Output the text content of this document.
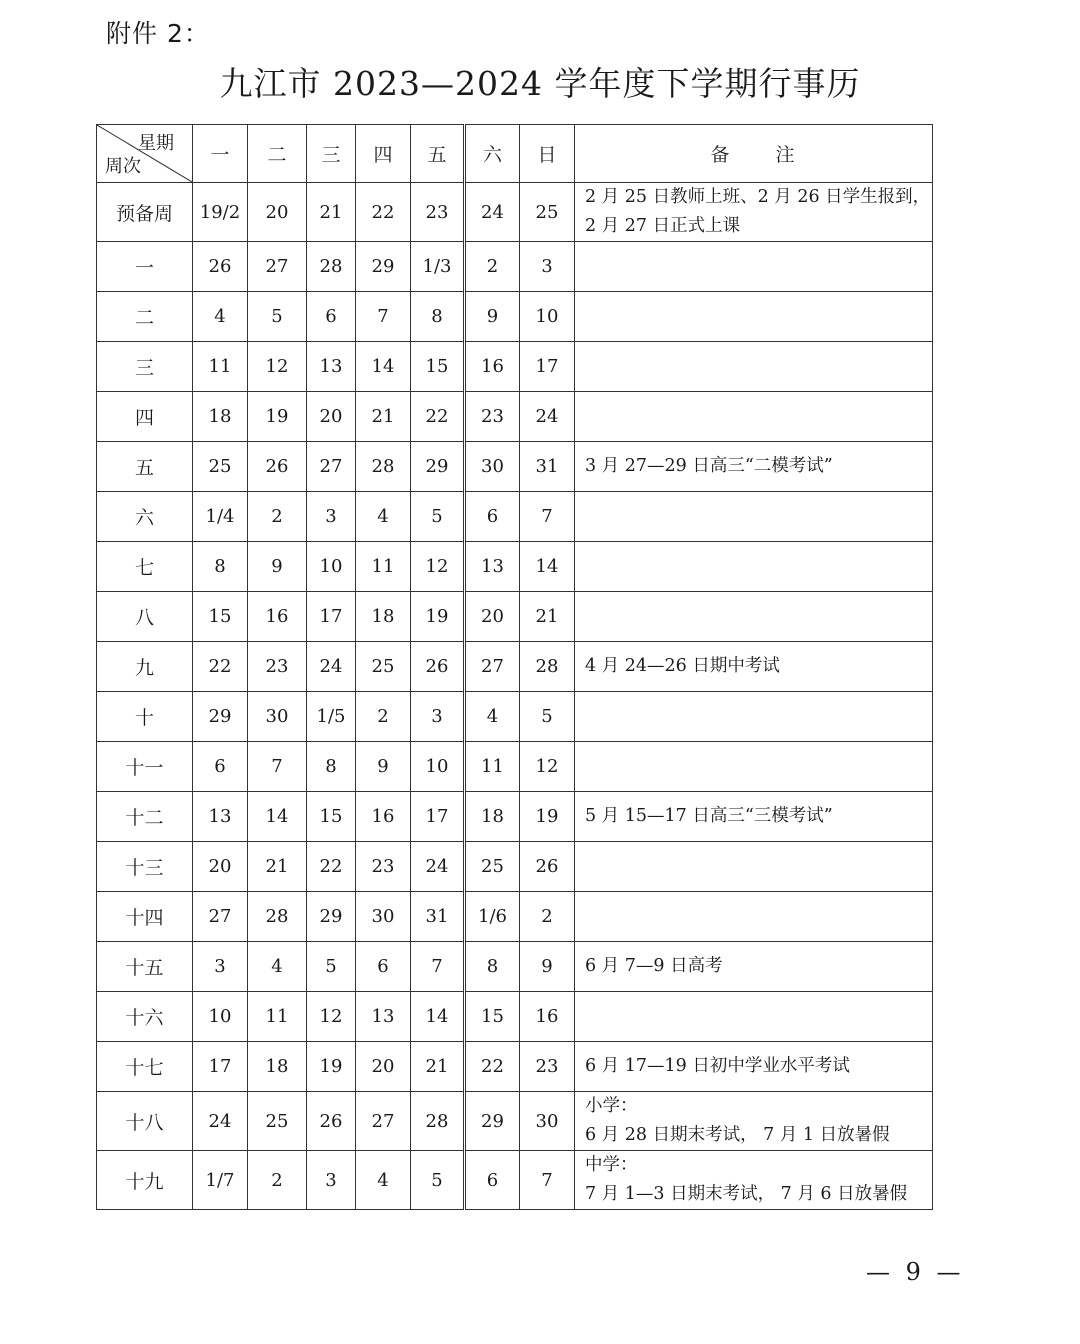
附件 2：
九江市 2023—2024 学年度下学期行事历
星期
周次	一	二	三	四	五	六	日	备 注
预备周	19/2	20	21	22	23	24	25	2 月 25 日教师上班、2 月 26 日学生报到，
2 月 27 日正式上课

一	26	27	28	29	1/3	2	3	
二	4	5	6	7	8	9	10	
三	11	12	13	14	15	16	17	
四	18	19	20	21	22	23	24	
五	25	26	27	28	29	30	31	3 月 27—29 日高三“二模考试”

六	1/4	2	3	4	5	6	7	
七	8	9	10	11	12	13	14	
八	15	16	17	18	19	20	21	
九	22	23	24	25	26	27	28	4 月 24—26 日期中考试

十	29	30	1/5	2	3	4	5	
十一	6	7	8	9	10	11	12	
十二	13	14	15	16	17	18	19	5 月 15—17 日高三“三模考试”

十三	20	21	22	23	24	25	26	
十四	27	28	29	30	31	1/6	2	
十五	3	4	5	6	7	8	9	6 月 7—9 日高考

十六	10	11	12	13	14	15	16	
十七	17	18	19	20	21	22	23	6 月 17—19 日初中学业水平考试

十八	24	25	26	27	28	29	30	小学：
6 月 28 日期末考试， 7 月 1 日放暑假

十九	1/7	2	3	4	5	6	7	中学：
7 月 1—3 日期末考试， 7 月 6 日放暑假
— 9 —
